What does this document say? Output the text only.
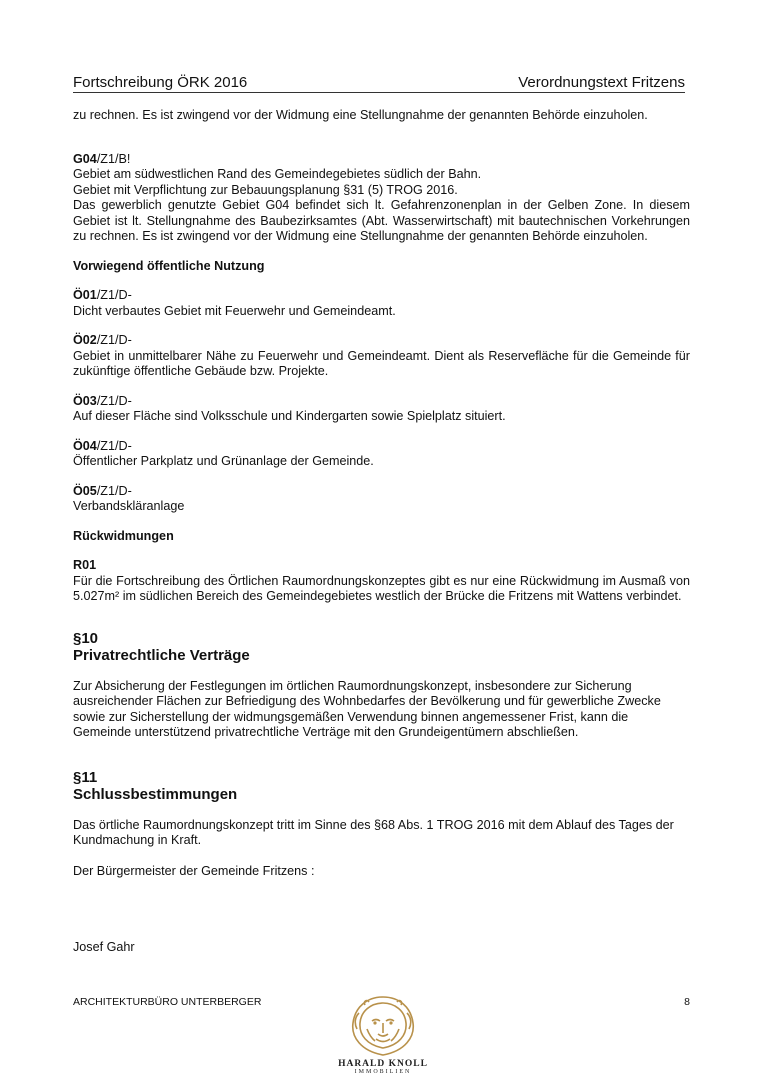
Fortschreibung ÖRK 2016	Verordnungstext Fritzens

zu rechnen. Es ist zwingend vor der Widmung eine Stellungnahme der genannten Behörde einzuholen.

G04/Z1/B!

Gebiet am südwestlichen Rand des Gemeindegebietes südlich der Bahn.

Gebiet mit Verpflichtung zur Bebauungsplanung §31 (5) TROG 2016.

Das gewerblich genutzte Gebiet G04 befindet sich lt. Gefahrenzonenplan in der Gelben Zone. In diesem Gebiet ist lt. Stellungnahme des Baubezirksamtes (Abt. Wasserwirtschaft) mit bautechnischen Vorkehrungen zu rechnen. Es ist zwingend vor der Widmung eine Stellungnahme der genannten Behörde einzuholen.

Vorwiegend öffentliche Nutzung

Ö01/Z1/D-

Dicht verbautes Gebiet mit Feuerwehr und Gemeindeamt.

Ö02/Z1/D-

Gebiet in unmittelbarer Nähe zu Feuerwehr und Gemeindeamt. Dient als Reservefläche für die Gemeinde für zukünftige öffentliche Gebäude bzw. Projekte.

Ö03/Z1/D-

Auf dieser Fläche sind Volksschule und Kindergarten sowie Spielplatz situiert.

Ö04/Z1/D-

Öffentlicher Parkplatz und Grünanlage der Gemeinde.

Ö05/Z1/D-

Verbandskläranlage

Rückwidmungen

R01

Für die Fortschreibung des Örtlichen Raumordnungskonzeptes gibt es nur eine Rückwidmung im Ausmaß von 5.027m² im südlichen Bereich des Gemeindegebietes westlich der Brücke die Fritzens mit Wattens verbindet.

§10

Privatrechtliche Verträge

Zur Absicherung der Festlegungen im örtlichen Raumordnungskonzept, insbesondere zur Sicherung

ausreichender Flächen zur Befriedigung des Wohnbedarfes der Bevölkerung und für gewerbliche Zwecke

sowie zur Sicherstellung der widmungsgemäßen Verwendung binnen angemessener Frist, kann die

Gemeinde unterstützend privatrechtliche Verträge mit den Grundeigentümern abschließen.

§11

Schlussbestimmungen

Das örtliche Raumordnungskonzept tritt im Sinne des §68 Abs. 1 TROG 2016 mit dem Ablauf des Tages der

Kundmachung in Kraft.

Der Bürgermeister der Gemeinde Fritzens :

Josef Gahr

ARCHITEKTURBÜRO UNTERBERGER	8
HARALD KNOLL
IMMOBILIEN
